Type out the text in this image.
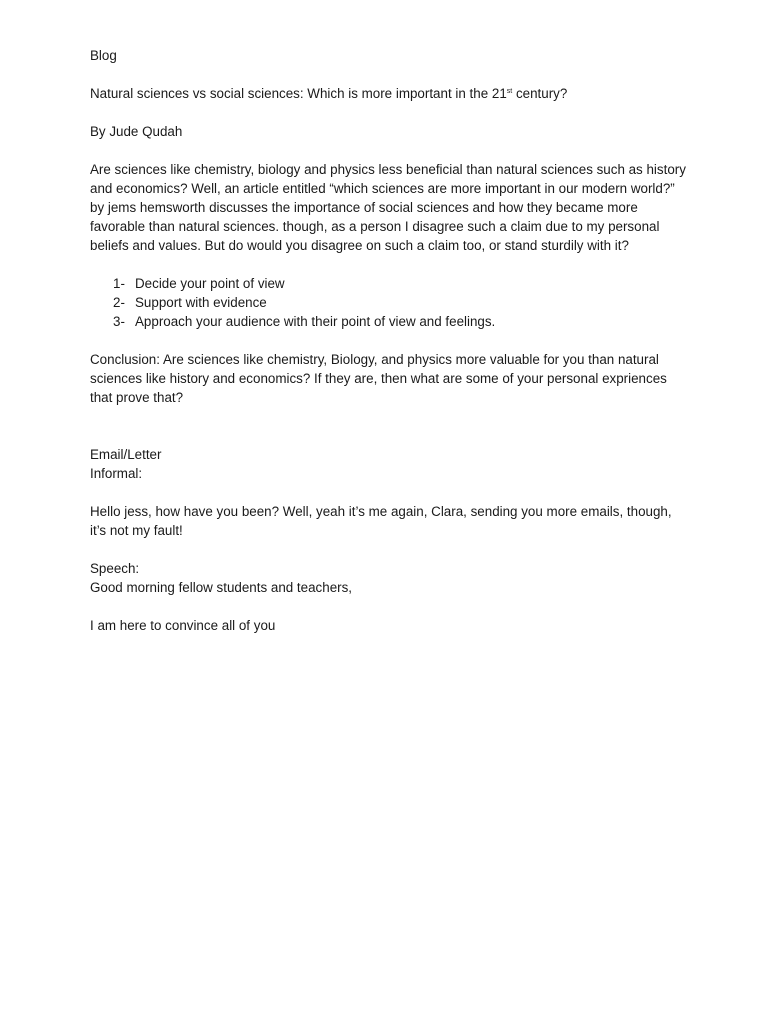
Blog

Natural sciences vs social sciences: Which is more important in the 21st century?

By Jude Qudah

Are sciences like chemistry, biology and physics less beneficial than natural sciences such as history and economics? Well, an article entitled “which sciences are more important in our modern world?” by jems hemsworth discusses the importance of social sciences and how they became more favorable than natural sciences. though, as a person I disagree such a claim due to my personal beliefs and values. But do would you disagree on such a claim too, or stand sturdily with it?

1- Decide your point of view
2- Support with evidence
3- Approach your audience with their point of view and feelings.

Conclusion: Are sciences like chemistry, Biology, and physics more valuable for you than natural sciences like history and economics? If they are, then what are some of your personal expriences that prove that?

Email/Letter

Informal:

Hello jess, how have you been? Well, yeah it’s me again, Clara, sending you more emails, though, it’s not my fault!

Speech:

Good morning fellow students and teachers,

I am here to convince all of you
